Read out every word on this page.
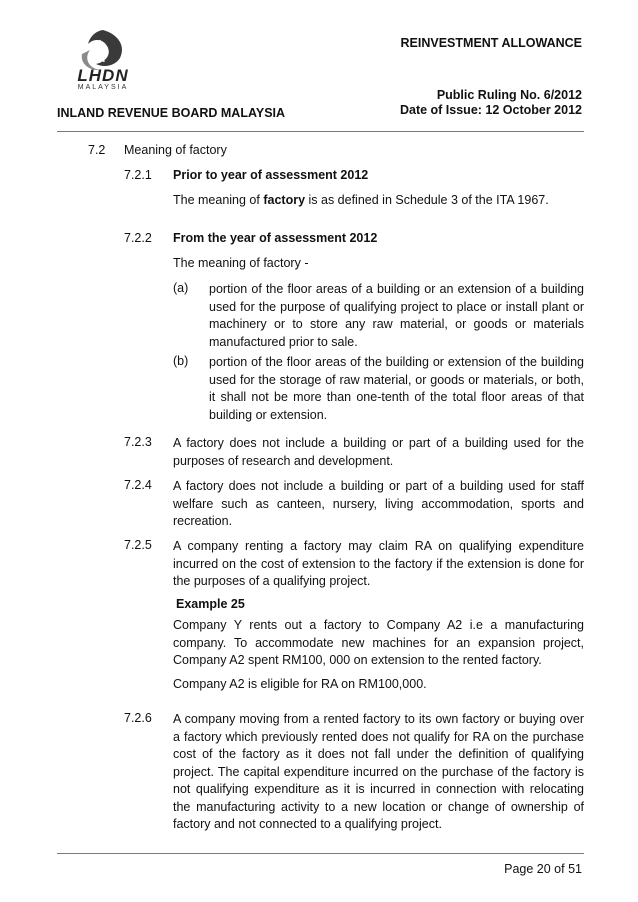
LHDN
MALAYSIA
REINVESTMENT ALLOWANCE
Public Ruling No. 6/2012
Date of Issue: 12 October 2012
INLAND REVENUE BOARD MALAYSIA
7.2 Meaning of factory
7.2.1 Prior to year of assessment 2012
The meaning of factory is as defined in Schedule 3 of the ITA 1967.
7.2.2 From the year of assessment 2012
The meaning of factory -
(a) portion of the floor areas of a building or an extension of a building used for the purpose of qualifying project to place or install plant or machinery or to store any raw material, or goods or materials manufactured prior to sale.
(b) portion of the floor areas of the building or extension of the building used for the storage of raw material, or goods or materials, or both, it shall not be more than one-tenth of the total floor areas of that building or extension.
7.2.3 A factory does not include a building or part of a building used for the purposes of research and development.
7.2.4 A factory does not include a building or part of a building used for staff welfare such as canteen, nursery, living accommodation, sports and recreation.
7.2.5 A company renting a factory may claim RA on qualifying expenditure incurred on the cost of extension to the factory if the extension is done for the purposes of a qualifying project.
Example 25
Company Y rents out a factory to Company A2 i.e a manufacturing company. To accommodate new machines for an expansion project, Company A2 spent RM100, 000 on extension to the rented factory.
Company A2 is eligible for RA on RM100,000.
7.2.6 A company moving from a rented factory to its own factory or buying over a factory which previously rented does not qualify for RA on the purchase cost of the factory as it does not fall under the definition of qualifying project. The capital expenditure incurred on the purchase of the factory is not qualifying expenditure as it is incurred in connection with relocating the manufacturing activity to a new location or change of ownership of factory and not connected to a qualifying project.
Page 20 of 51
